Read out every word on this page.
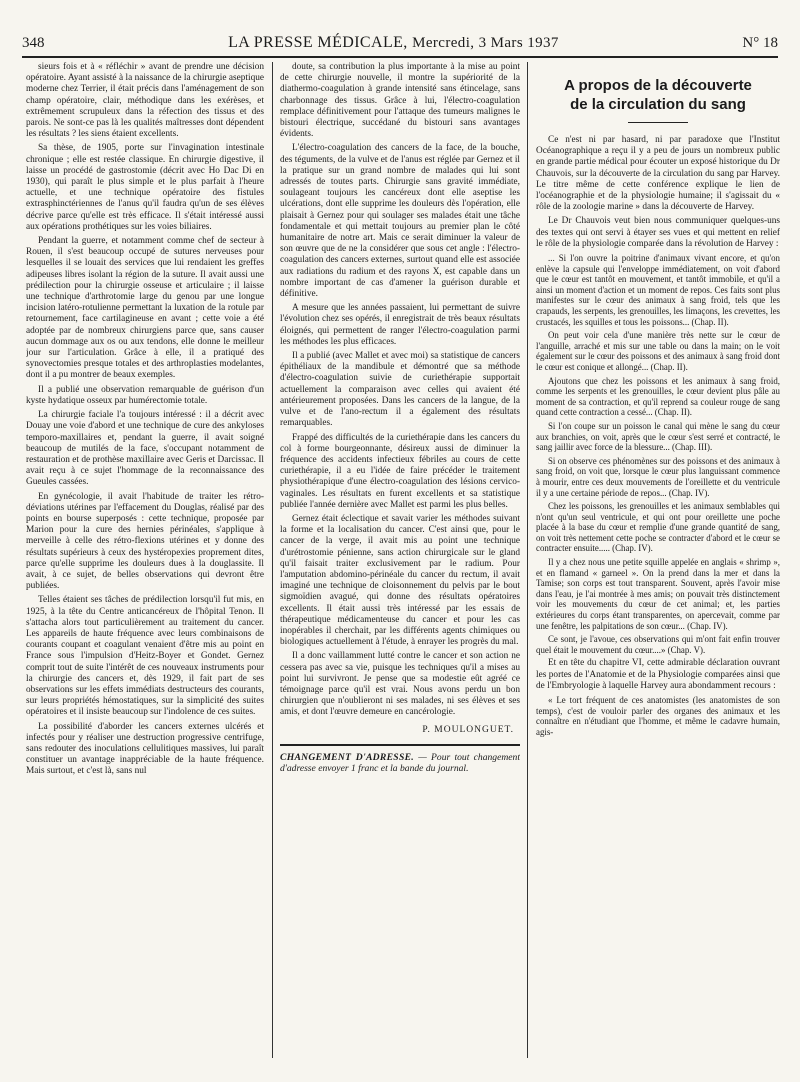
348	LA PRESSE MÉDICALE, Mercredi, 3 Mars 1937	N° 18

sieurs fois et à « réfléchir » avant de prendre une décision opératoire. Ayant assisté à la naissance de la chirurgie aseptique moderne chez Terrier, il était précis dans l'aménagement de son champ opératoire, clair, méthodique dans les exérèses, et extrêmement scrupuleux dans la réfection des tissus et des parois. Ne sont-ce pas là les qualités maîtresses dont dépendent les résultats ? les siens étaient excellents.

Sa thèse, de 1905, porte sur l'invagination intestinale chronique ; elle est restée classique. En chirurgie digestive, il laisse un procédé de gastrostomie (décrit avec Ho Dac Di en 1930), qui paraît le plus simple et le plus parfait à l'heure actuelle, et une technique opératoire des fistules extrasphinctériennes de l'anus qu'il faudra qu'un de ses élèves décrive parce qu'elle est très efficace. Il s'était intéressé aussi aux opérations prothétiques sur les voies biliaires.

Pendant la guerre, et notamment comme chef de secteur à Rouen, il s'est beaucoup occupé de sutures nerveuses pour lesquelles il se louait des services que lui rendaient les greffes adipeuses libres isolant la région de la suture. Il avait aussi une prédilection pour la chirurgie osseuse et articulaire ; il laisse une technique d'arthrotomie large du genou par une longue incision latéro-rotulienne permettant la luxation de la rotule par retournement, face cartilagineuse en avant ; cette voie a été adoptée par de nombreux chirurgiens parce que, sans causer aucun dommage aux os ou aux tendons, elle donne le meilleur jour sur l'articulation. Grâce à elle, il a pratiqué des synovectomies presque totales et des arthroplasties modelantes, dont il a pu montrer de beaux exemples.

Il a publié une observation remarquable de guérison d'un kyste hydatique osseux par humérectomie totale.

La chirurgie faciale l'a toujours intéressé : il a décrit avec Douay une voie d'abord et une technique de cure des ankyloses temporo-maxillaires et, pendant la guerre, il avait soigné beaucoup de mutilés de la face, s'occupant notamment de restauration et de prothèse maxillaire avec Geris et Darcissac. Il avait reçu à ce sujet l'hommage de la reconnaissance des Gueules cassées.

En gynécologie, il avait l'habitude de traiter les rétro-déviations utérines par l'effacement du Douglas, réalisé par des points en bourse superposés : cette technique, proposée par Marion pour la cure des hernies périnéales, s'applique à merveille à celle des rétro-flexions utérines et y donne des résultats supérieurs à ceux des hystéropexies proprement dites, parce qu'elle supprime les douleurs dues à la douglassite. Il avait, à ce sujet, de belles observations qui devront être publiées.

Telles étaient ses tâches de prédilection lorsqu'il fut mis, en 1925, à la tête du Centre anticancéreux de l'hôpital Tenon. Il s'attacha alors tout particulièrement au traitement du cancer. Les appareils de haute fréquence avec leurs combinaisons de courants coupant et coagulant venaient d'être mis au point en France sous l'impulsion d'Heitz-Boyer et Gondet. Gernez comprit tout de suite l'intérêt de ces nouveaux instruments pour la chirurgie des cancers et, dès 1929, il fait part de ses observations sur les effets immédiats destructeurs des courants, sur leurs propriétés hémostatiques, sur la simplicité des suites opératoires et il insiste beaucoup sur l'indolence de ces suites.

La possibilité d'aborder les cancers externes ulcérés et infectés pour y réaliser une destruction progressive centrifuge, sans redouter des inoculations cellulitiques massives, lui paraît constituer un avantage inappréciable de la haute fréquence. Mais surtout, et c'est là, sans nul

doute, sa contribution la plus importante à la mise au point de cette chirurgie nouvelle, il montre la supériorité de la diathermo-coagulation à grande intensité sans étincelage, sans charbonnage des tissus. Grâce à lui, l'électro-coagulation remplace définitivement pour l'attaque des tumeurs malignes le bistouri électrique, succédané du bistouri sans avantages évidents.

L'électro-coagulation des cancers de la face, de la bouche, des téguments, de la vulve et de l'anus est réglée par Gernez et il la pratique sur un grand nombre de malades qui lui sont adressés de toutes parts. Chirurgie sans gravité immédiate, soulageant toujours les cancéreux dont elle aseptise les ulcérations, dont elle supprime les douleurs dès l'opération, elle plaisait à Gernez pour qui soulager ses malades était une tâche fondamentale et qui mettait toujours au premier plan le côté humanitaire de notre art. Mais ce serait diminuer la valeur de son œuvre que de ne la considérer que sous cet angle : l'électro-coagulation des cancers externes, surtout quand elle est associée aux radiations du radium et des rayons X, est capable dans un nombre important de cas d'amener la guérison durable et définitive.

A mesure que les années passaient, lui permettant de suivre l'évolution chez ses opérés, il enregistrait de très beaux résultats éloignés, qui permettent de ranger l'électro-coagulation parmi les méthodes les plus efficaces.

Il a publié (avec Mallet et avec moi) sa statistique de cancers épithéliaux de la mandibule et démontré que sa méthode d'électro-coagulation suivie de curiethérapie supportait actuellement la comparaison avec celles qui avaient été antérieurement proposées. Dans les cancers de la langue, de la vulve et de l'ano-rectum il a également des résultats remarquables.

Frappé des difficultés de la curiethérapie dans les cancers du col à forme bourgeonnante, désireux aussi de diminuer la fréquence des accidents infectieux fébriles au cours de cette curiethérapie, il a eu l'idée de faire précéder le traitement physiothérapique d'une électro-coagulation des lésions cervico-vaginales. Les résultats en furent excellents et sa statistique publiée l'année dernière avec Mallet est parmi les plus belles.

Gernez était éclectique et savait varier les méthodes suivant la forme et la localisation du cancer. C'est ainsi que, pour le cancer de la verge, il avait mis au point une technique d'urétrostomie pénienne, sans action chirurgicale sur le gland qu'il faisait traiter exclusivement par le radium. Pour l'amputation abdomino-périnéale du cancer du rectum, il avait imaginé une technique de cloisonnement du pelvis par le bout sigmoïdien avagué, qui donne des résultats opératoires excellents. Il était aussi très intéressé par les essais de thérapeutique médicamenteuse du cancer et pour les cas inopérables il cherchait, par les différents agents chimiques ou biologiques actuellement à l'étude, à enrayer les progrès du mal.

Il a donc vaillamment lutté contre le cancer et son action ne cessera pas avec sa vie, puisque les techniques qu'il a mises au point lui survivront. Je pense que sa modestie eût agréé ce témoignage parce qu'il est vrai. Nous avons perdu un bon chirurgien que n'oublieront ni ses malades, ni ses élèves et ses amis, et dont l'œuvre demeure en cancérologie.

P. MOULONGUET.

CHANGEMENT D'ADRESSE. — Pour tout changement d'adresse envoyer 1 franc et la bande du journal.

A propos de la découverte
de la circulation du sang

Ce n'est ni par hasard, ni par paradoxe que l'Institut Océanographique a reçu il y a peu de jours un nombreux public en grande partie médical pour écouter un exposé historique du Dr Chauvois, sur la découverte de la circulation du sang par Harvey. Le titre même de cette conférence explique le lien de l'océanographie et de la physiologie humaine; il s'agissait du « rôle de la zoologie marine » dans la découverte de Harvey.

Le Dr Chauvois veut bien nous communiquer quelques-uns des textes qui ont servi à étayer ses vues et qui mettent en relief le rôle de la physiologie comparée dans la révolution de Harvey :

... Si l'on ouvre la poitrine d'animaux vivant encore, et qu'on enlève la capsule qui l'enveloppe immédiatement, on voit d'abord que le cœur est tantôt en mouvement, et tantôt immobile, et qu'il a ainsi un moment d'action et un moment de repos. Ces faits sont plus manifestes sur le cœur des animaux à sang froid, tels que les crapauds, les serpents, les grenouilles, les limaçons, les crevettes, les crustacés, les squilles et tous les poissons... (Chap. II).

On peut voir cela d'une manière très nette sur le cœur de l'anguille, arraché et mis sur une table ou dans la main; on le voit également sur le cœur des poissons et des animaux à sang froid dont le cœur est conique et allongé... (Chap. II).

Ajoutons que chez les poissons et les animaux à sang froid, comme les serpents et les grenouilles, le cœur devient plus pâle au moment de sa contraction, et qu'il reprend sa couleur rouge de sang quand cette contraction a cessé... (Chap. II).

Si l'on coupe sur un poisson le canal qui mène le sang du cœur aux branchies, on voit, après que le cœur s'est serré et contracté, le sang jaillir avec force de la blessure... (Chap. III).

Si on observe ces phénomènes sur des poissons et des animaux à sang froid, on voit que, lorsque le cœur plus languissant commence à mourir, entre ces deux mouvements de l'oreillette et du ventricule il y a une certaine période de repos... (Chap. IV).

Chez les poissons, les grenouilles et les animaux semblables qui n'ont qu'un seul ventricule, et qui ont pour oreillette une poche placée à la base du cœur et remplie d'une grande quantité de sang, on voit très nettement cette poche se contracter d'abord et le cœur se contracter ensuite..... (Chap. IV).

Il y a chez nous une petite squille appelée en anglais « shrimp », et en flamand « garneel ». On la prend dans la mer et dans la Tamise; son corps est tout transparent. Souvent, après l'avoir mise dans l'eau, je l'ai montrée à mes amis; on pouvait très distinctement voir les mouvements du cœur de cet animal; et, les parties extérieures du corps étant transparentes, on apercevait, comme par une fenêtre, les palpitations de son cœur... (Chap. IV).

Ce sont, je l'avoue, ces observations qui m'ont fait enfin trouver quel était le mouvement du cœur....» (Chap. V).

Et en tête du chapitre VI, cette admirable déclaration ouvrant les portes de l'Anatomie et de la Physiologie comparées ainsi que de l'Embryologie à laquelle Harvey aura abondamment recours :

« Le tort fréquent de ces anatomistes (les anatomistes de son temps), c'est de vouloir parler des organes des animaux et les connaître en n'étudiant que l'homme, et même le cadavre humain, agis-
